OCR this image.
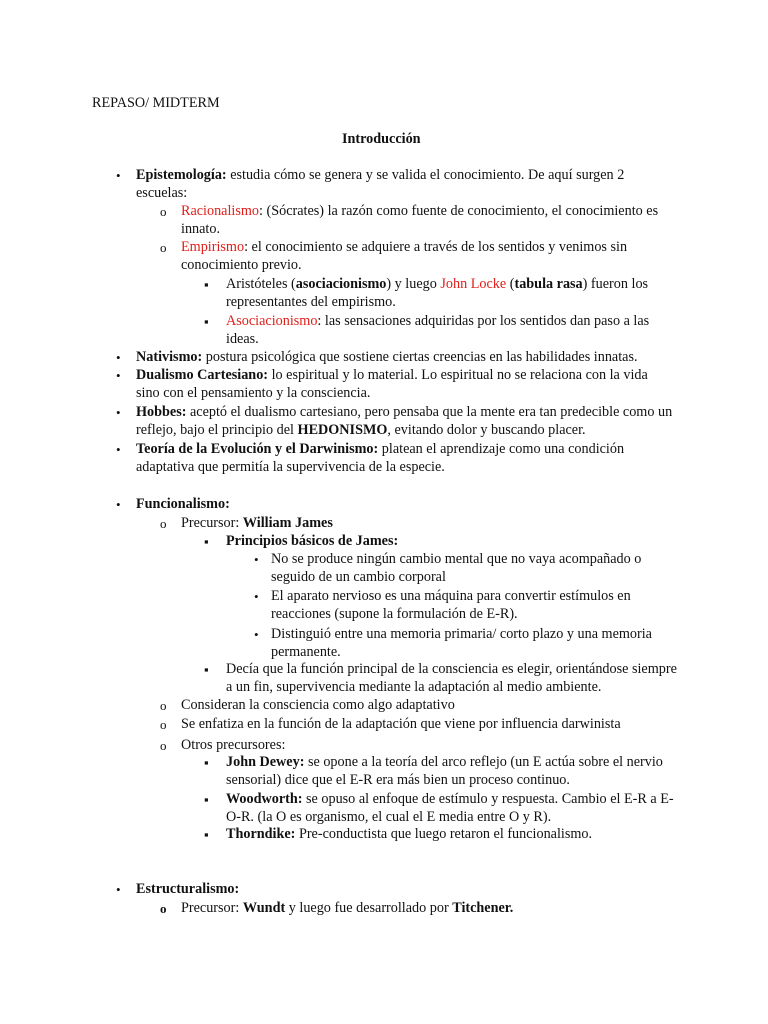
REPASO/ MIDTERM
Introducción
• Epistemología: estudia cómo se genera y se valida el conocimiento. De aquí surgen 2 escuelas:
o Racionalismo: (Sócrates) la razón como fuente de conocimiento, el conocimiento es innato.
o Empirismo: el conocimiento se adquiere a través de los sentidos y venimos sin conocimiento previo.
▪ Aristóteles (asociacionismo) y luego John Locke (tabula rasa) fueron los representantes del empirismo.
▪ Asociacionismo: las sensaciones adquiridas por los sentidos dan paso a las ideas.
• Nativismo: postura psicológica que sostiene ciertas creencias en las habilidades innatas.
• Dualismo Cartesiano: lo espiritual y lo material. Lo espiritual no se relaciona con la vida sino con el pensamiento y la consciencia.
• Hobbes: aceptó el dualismo cartesiano, pero pensaba que la mente era tan predecible como un reflejo, bajo el principio del HEDONISMO, evitando dolor y buscando placer.
• Teoría de la Evolución y el Darwinismo: platean el aprendizaje como una condición adaptativa que permitía la supervivencia de la especie.
• Funcionalismo:
o Precursor: William James
▪ Principios básicos de James:
• No se produce ningún cambio mental que no vaya acompañado o seguido de un cambio corporal
• El aparato nervioso es una máquina para convertir estímulos en reacciones (supone la formulación de E-R).
• Distinguió entre una memoria primaria/ corto plazo y una memoria permanente.
▪ Decía que la función principal de la consciencia es elegir, orientándose siempre a un fin, supervivencia mediante la adaptación al medio ambiente.
o Consideran la consciencia como algo adaptativo
o Se enfatiza en la función de la adaptación que viene por influencia darwinista
o Otros precursores:
▪ John Dewey: se opone a la teoría del arco reflejo (un E actúa sobre el nervio sensorial) dice que el E-R era más bien un proceso continuo.
▪ Woodworth: se opuso al enfoque de estímulo y respuesta. Cambio el E-R a E-O-R. (la O es organismo, el cual el E media entre O y R).
▪ Thorndike: Pre-conductista que luego retaron el funcionalismo.
• Estructuralismo:
o Precursor: Wundt y luego fue desarrollado por Titchener.
